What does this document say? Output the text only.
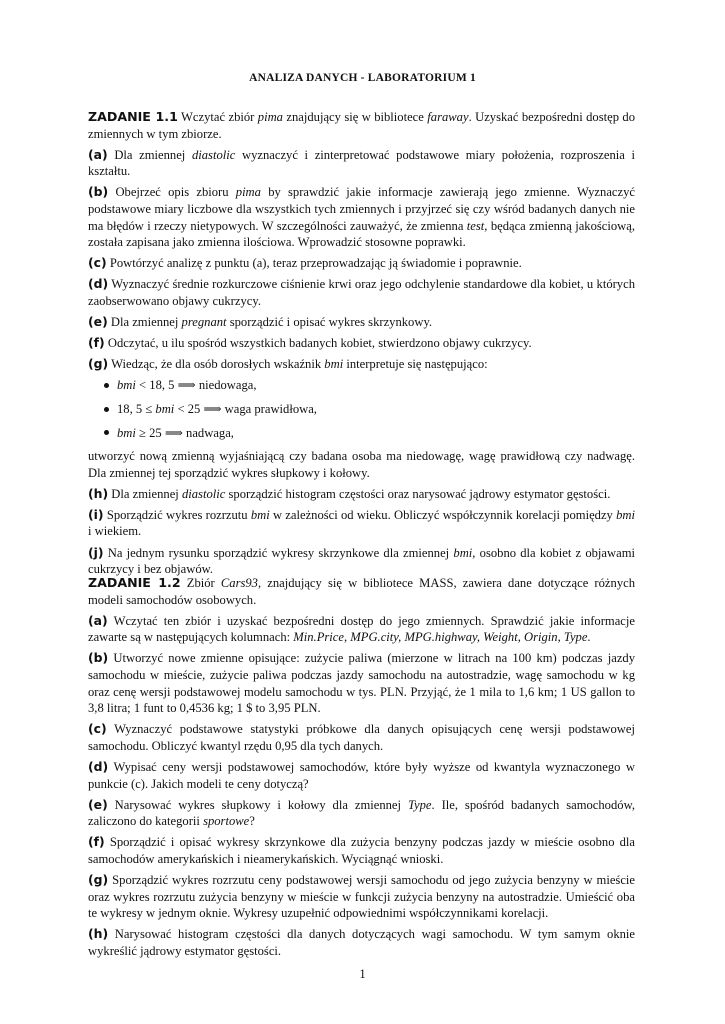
ANALIZA DANYCH - LABORATORIUM 1

ZADANIE 1.1 Wczytać zbiór pima znajdujący się w bibliotece faraway. Uzyskać bezpośredni dostęp do zmiennych w tym zbiorze.

(a) Dla zmiennej diastolic wyznaczyć i zinterpretować podstawowe miary położenia, rozproszenia i kształtu.

(b) Obejrzeć opis zbioru pima by sprawdzić jakie informacje zawierają jego zmienne. Wyznaczyć podstawowe miary liczbowe dla wszystkich tych zmiennych i przyjrzeć się czy wśród badanych danych nie ma błędów i rzeczy nietypowych. W szczególności zauważyć, że zmienna test, będąca zmienną jakościową, została zapisana jako zmienna ilościowa. Wprowadzić stosowne poprawki.

(c) Powtórzyć analizę z punktu (a), teraz przeprowadzając ją świadomie i poprawnie.

(d) Wyznaczyć średnie rozkurczowe ciśnienie krwi oraz jego odchylenie standardowe dla kobiet, u których zaobserwowano objawy cukrzycy.

(e) Dla zmiennej pregnant sporządzić i opisać wykres skrzynkowy.

(f) Odczytać, u ilu spośród wszystkich badanych kobiet, stwierdzono objawy cukrzycy.

(g) Wiedząc, że dla osób dorosłych wskaźnik bmi interpretuje się następująco:

bmi < 18, 5 ⟹ niedowaga,
18, 5 ≤ bmi < 25 ⟹ waga prawidłowa,
bmi ≥ 25 ⟹ nadwaga,

utworzyć nową zmienną wyjaśniającą czy badana osoba ma niedowagę, wagę prawidłową czy nadwagę. Dla zmiennej tej sporządzić wykres słupkowy i kołowy.

(h) Dla zmiennej diastolic sporządzić histogram częstości oraz narysować jądrowy estymator gęstości.

(i) Sporządzić wykres rozrzutu bmi w zależności od wieku. Obliczyć współczynnik korelacji pomiędzy bmi i wiekiem.

(j) Na jednym rysunku sporządzić wykresy skrzynkowe dla zmiennej bmi, osobno dla kobiet z objawami cukrzycy i bez objawów.

ZADANIE 1.2 Zbiór Cars93, znajdujący się w bibliotece MASS, zawiera dane dotyczące różnych modeli samochodów osobowych.

(a) Wczytać ten zbiór i uzyskać bezpośredni dostęp do jego zmiennych. Sprawdzić jakie informacje zawarte są w następujących kolumnach: Min.Price, MPG.city, MPG.highway, Weight, Origin, Type.

(b) Utworzyć nowe zmienne opisujące: zużycie paliwa (mierzone w litrach na 100 km) podczas jazdy samochodu w mieście, zużycie paliwa podczas jazdy samochodu na autostradzie, wagę samochodu w kg oraz cenę wersji podstawowej modelu samochodu w tys. PLN. Przyjąć, że 1 mila to 1,6 km; 1 US gallon to 3,8 litra; 1 funt to 0,4536 kg; 1 $ to 3,95 PLN.

(c) Wyznaczyć podstawowe statystyki próbkowe dla danych opisujących cenę wersji podstawowej samochodu. Obliczyć kwantyl rzędu 0,95 dla tych danych.

(d) Wypisać ceny wersji podstawowej samochodów, które były wyższe od kwantyla wyznaczonego w punkcie (c). Jakich modeli te ceny dotyczą?

(e) Narysować wykres słupkowy i kołowy dla zmiennej Type. Ile, spośród badanych samochodów, zaliczono do kategorii sportowe?

(f) Sporządzić i opisać wykresy skrzynkowe dla zużycia benzyny podczas jazdy w mieście osobno dla samochodów amerykańskich i nieamerykańskich. Wyciągnąć wnioski.

(g) Sporządzić wykres rozrzutu ceny podstawowej wersji samochodu od jego zużycia benzyny w mieście oraz wykres rozrzutu zużycia benzyny w mieście w funkcji zużycia benzyny na autostradzie. Umieścić oba te wykresy w jednym oknie. Wykresy uzupełnić odpowiednimi współczynnikami korelacji.

(h) Narysować histogram częstości dla danych dotyczących wagi samochodu. W tym samym oknie wykreślić jądrowy estymator gęstości.

1
